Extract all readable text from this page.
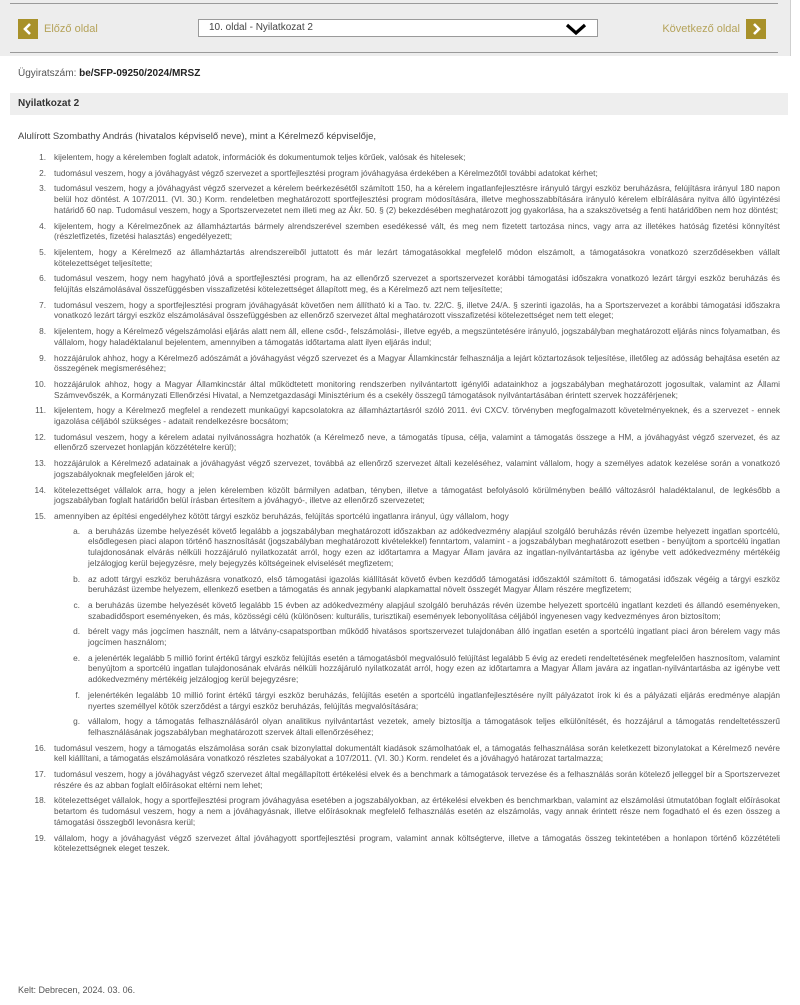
Előző oldal	10. oldal - Nyilatkozat 2	Következő oldal
Ügyiratszám: be/SFP-09250/2024/MRSZ
Nyilatkozat 2
Alulírott Szombathy András (hivatalos képviselő neve), mint a Kérelmező képviselője,
1. kijelentem, hogy a kérelemben foglalt adatok, információk és dokumentumok teljes körűek, valósak és hitelesek;
2. tudomásul veszem, hogy a jóváhagyást végző szervezet a sportfejlesztési program jóváhagyása érdekében a Kérelmezőtől további adatokat kérhet;
3. tudomásul veszem, hogy a jóváhagyást végző szervezet a kérelem beérkezésétől számított 150, ha a kérelem ingatlanfejlesztésre irányuló tárgyi eszköz beruházásra, felújításra irányul 180 napon belül hoz döntést. A 107/2011. (VI. 30.) Korm. rendeletben meghatározott sportfejlesztési program módosítására, illetve meghosszabbítására irányuló kérelem elbírálására nyitva álló ügyintézési határidő 60 nap. Tudomásul veszem, hogy a Sportszervezetet nem illeti meg az Ákr. 50. § (2) bekezdésében meghatározott jog gyakorlása, ha a szakszövetség a fenti határidőben nem hoz döntést;
4. kijelentem, hogy a Kérelmezőnek az államháztartás bármely alrendszerével szemben esedékessé vált, és meg nem fizetett tartozása nincs, vagy arra az illetékes hatóság fizetési könnyítést (részletfizetés, fizetési halasztás) engedélyezett;
5. kijelentem, hogy a Kérelmező az államháztartás alrendszereiből juttatott és már lezárt támogatásokkal megfelelő módon elszámolt, a támogatásokra vonatkozó szerződésekben vállalt kötelezettséget teljesítette;
6. tudomásul veszem, hogy nem hagyható jóvá a sportfejlesztési program, ha az ellenőrző szervezet a sportszervezet korábbi támogatási időszakra vonatkozó lezárt tárgyi eszköz beruházás és felújítás elszámolásával összefüggésben visszafizetési kötelezettséget állapított meg, és a Kérelmező azt nem teljesítette;
7. tudomásul veszem, hogy a sportfejlesztési program jóváhagyását követően nem állítható ki a Tao. tv. 22/C. §, illetve 24/A. § szerinti igazolás, ha a Sportszervezet a korábbi támogatási időszakra vonatkozó lezárt tárgyi eszköz elszámolásával összefüggésben az ellenőrző szervezet által meghatározott visszafizetési kötelezettséget nem tett eleget;
8. kijelentem, hogy a Kérelmező végelszámolási eljárás alatt nem áll, ellene csőd-, felszámolási-, illetve egyéb, a megszüntetésére irányuló, jogszabályban meghatározott eljárás nincs folyamatban, és vállalom, hogy haladéktalanul bejelentem, amennyiben a támogatás időtartama alatt ilyen eljárás indul;
9. hozzájárulok ahhoz, hogy a Kérelmező adószámát a jóváhagyást végző szervezet és a Magyar Államkincstár felhasználja a lejárt köztartozások teljesítése, illetőleg az adósság behajtása esetén az összegének megismeréséhez;
10. hozzájárulok ahhoz, hogy a Magyar Államkincstár által működtetett monitoring rendszerben nyilvántartott igénylői adatainkhoz a jogszabályban meghatározott jogosultak, valamint az Állami Számvevőszék, a Kormányzati Ellenőrzési Hivatal, a Nemzetgazdasági Minisztérium és a csekély összegű támogatások nyilvántartásában érintett szervek hozzáférjenek;
11. kijelentem, hogy a Kérelmező megfelel a rendezett munkaügyi kapcsolatokra az államháztartásról szóló 2011. évi CXCV. törvényben megfogalmazott követelményeknek, és a szervezet - ennek igazolása céljából szükséges - adatait rendelkezésre bocsátom;
12. tudomásul veszem, hogy a kérelem adatai nyilvánosságra hozhatók (a Kérelmező neve, a támogatás típusa, célja, valamint a támogatás összege a HM, a jóváhagyást végző szervezet, és az ellenőrző szervezet honlapján közzétételre kerül);
13. hozzájárulok a Kérelmező adatainak a jóváhagyást végző szervezet, továbbá az ellenőrző szervezet általi kezeléséhez, valamint vállalom, hogy a személyes adatok kezelése során a vonatkozó jogszabályoknak megfelelően járok el;
14. kötelezettséget vállalok arra, hogy a jelen kérelemben közölt bármilyen adatban, tényben, illetve a támogatást befolyásoló körülményben beálló változásról haladéktalanul, de legkésőbb a jogszabályban foglalt határidőn belül írásban értesítem a jóváhagyó-, illetve az ellenőrző szervezetet;
15. amennyiben az építési engedélyhez kötött tárgyi eszköz beruházás, felújítás sportcélú ingatlanra irányul, úgy vállalom, hogy
a. a beruházás üzembe helyezését követő legalább a jogszabályban meghatározott időszakban az adókedvezmény alapjául szolgáló beruházás révén üzembe helyezett ingatlan sportcélú, elsődlegesen piaci alapon történő hasznosítását (jogszabályban meghatározott kivételekkel) fenntartom, valamint - a jogszabályban meghatározott esetben - benyújtom a sportcélú ingatlan tulajdonosának elvárás nélküli hozzájáruló nyilatkozatát arról, hogy ezen az időtartamra a Magyar Állam javára az ingatlan-nyilvántartásba az igénybe vett adókedvezmény mértékéig jelzálogjog kerül bejegyzésre, mely bejegyzés költségeinek elviselését megfizetem;
b. az adott tárgyi eszköz beruházásra vonatkozó, első támogatási igazolás kiállítását követő évben kezdődő támogatási időszaktól számított 6. támogatási időszak végéig a tárgyi eszköz beruházást üzembe helyezem, ellenkező esetben a támogatás és annak jegybanki alapkamattal növelt összegét Magyar Állam részére megfizetem;
c. a beruházás üzembe helyezését követő legalább 15 évben az adókedvezmény alapjául szolgáló beruházás révén üzembe helyezett sportcélú ingatlant kezdeti és állandó eseményeken, szabadidősport eseményeken, és más, közösségi célú (különösen: kulturális, turisztikai) események lebonyolítása céljából ingyenesen vagy kedvezményes áron biztosítom;
d. bérelt vagy más jogcímen használt, nem a látvány-csapatsportban működő hivatásos sportszervezet tulajdonában álló ingatlan esetén a sportcélú ingatlant piaci áron bérelem vagy más jogcímen használom;
e. a jelenérték legalább 5 millió forint értékű tárgyi eszköz felújítás esetén a támogatásból megvalósuló felújítást legalább 5 évig az eredeti rendeltetésének megfelelően hasznosítom, valamint benyújtom a sportcélú ingatlan tulajdonosának elvárás nélküli hozzájáruló nyilatkozatát arról, hogy ezen az időtartamra a Magyar Állam javára az ingatlan-nyilvántartásba az igénybe vett adókedvezmény mértékéig jelzálogjog kerül bejegyzésre;
f. jelenértékén legalább 10 millió forint értékű tárgyi eszköz beruházás, felújítás esetén a sportcélú ingatlanfejlesztésére nyílt pályázatot írok ki és a pályázati eljárás eredménye alapján nyertes személlyel kötök szerződést a tárgyi eszköz beruházás, felújítás megvalósítására;
g. vállalom, hogy a támogatás felhasználásáról olyan analitikus nyilvántartást vezetek, amely biztosítja a támogatások teljes elkülönítését, és hozzájárul a támogatás rendeltetésszerű felhasználásának jogszabályban meghatározott szervek általi ellenőrzéséhez;
16. tudomásul veszem, hogy a támogatás elszámolása során csak bizonylattal dokumentált kiadások számolhatóak el, a támogatás felhasználása során keletkezett bizonylatokat a Kérelmező nevére kell kiállítani, a támogatás elszámolására vonatkozó részletes szabályokat a 107/2011. (VI. 30.) Korm. rendelet és a jóváhagyó határozat tartalmazza;
17. tudomásul veszem, hogy a jóváhagyást végző szervezet által megállapított értékelési elvek és a benchmark a támogatások tervezése és a felhasználás során kötelező jelleggel bír a Sportszervezet részére és az abban foglalt előírásokat eltérni nem lehet;
18. kötelezettséget vállalok, hogy a sportfejlesztési program jóváhagyása esetében a jogszabályokban, az értékelési elvekben és benchmarkban, valamint az elszámolási útmutatóban foglalt előírásokat betartom és tudomásul veszem, hogy a nem a jóváhagyásnak, illetve előírásoknak megfelelő felhasználás esetén az elszámolás, vagy annak érintett része nem fogadható el és ezen összeg a támogatási összegből levonásra kerül;
19. vállalom, hogy a jóváhagyást végző szervezet által jóváhagyott sportfejlesztési program, valamint annak költségterve, illetve a támogatás összeg tekintetében a honlapon történő közzétételi kötelezettségnek eleget teszek.
Kelt: Debrecen, 2024. 03. 06.
